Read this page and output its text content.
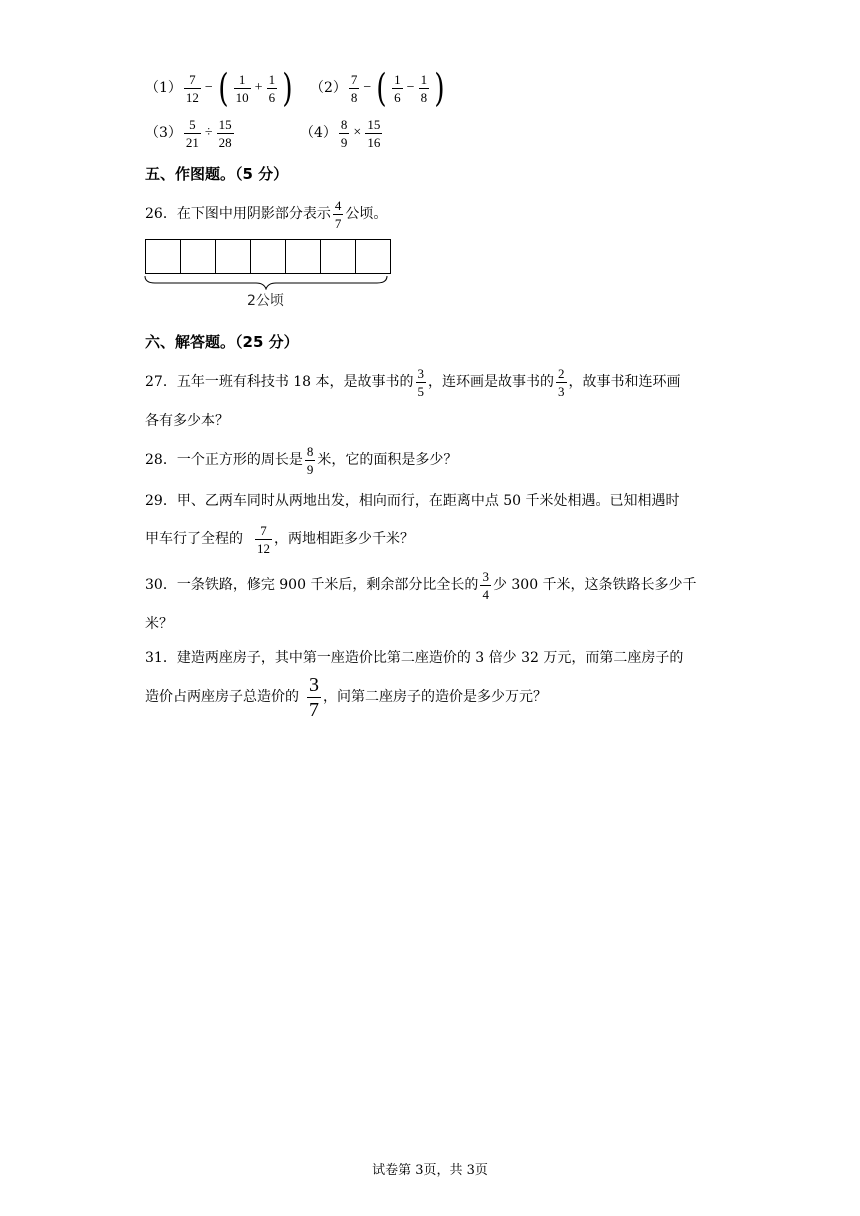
$(1) \frac{7}{12}$ − ( $\frac{1}{10} + \frac{1}{6}$ ) $(2) \frac{7}{8}$ − ( $\frac{1}{6} - \frac{1}{8}$ )
$(3) \frac{5}{21} \div \frac{15}{28}$	$(4) \frac{8}{9} \times \frac{15}{16}$
五、作图题。（5 分）
26．在下图中用阴影部分表示 $\frac{4}{7}$ 公顷。
2公顷
六、解答题。（25 分）
27．五年一班有科技书 18 本，是故事书的 $\frac{3}{5}$ ，连环画是故事书的 $\frac{2}{3}$ ，故事书和连环画
各有多少本？
28．一个正方形的周长是 $\frac{8}{9}$ 米，它的面积是多少？
29．甲、乙两车同时从两地出发，相向而行，在距离中点 50 千米处相遇。已知相遇时
甲车行了全程的 $\frac{7}{12}$ ，两地相距多少千米？
30．一条铁路，修完 900 千米后，剩余部分比全长的 $\frac{3}{4}$ 少 300 千米，这条铁路长多少千
米？
31．建造两座房子，其中第一座造价比第二座造价的 3 倍少 32 万元，而第二座房子的
造价占两座房子总造价的 $\frac{3}{7}$ ，问第二座房子的造价是多少万元？
试卷第 3页，共 3页
